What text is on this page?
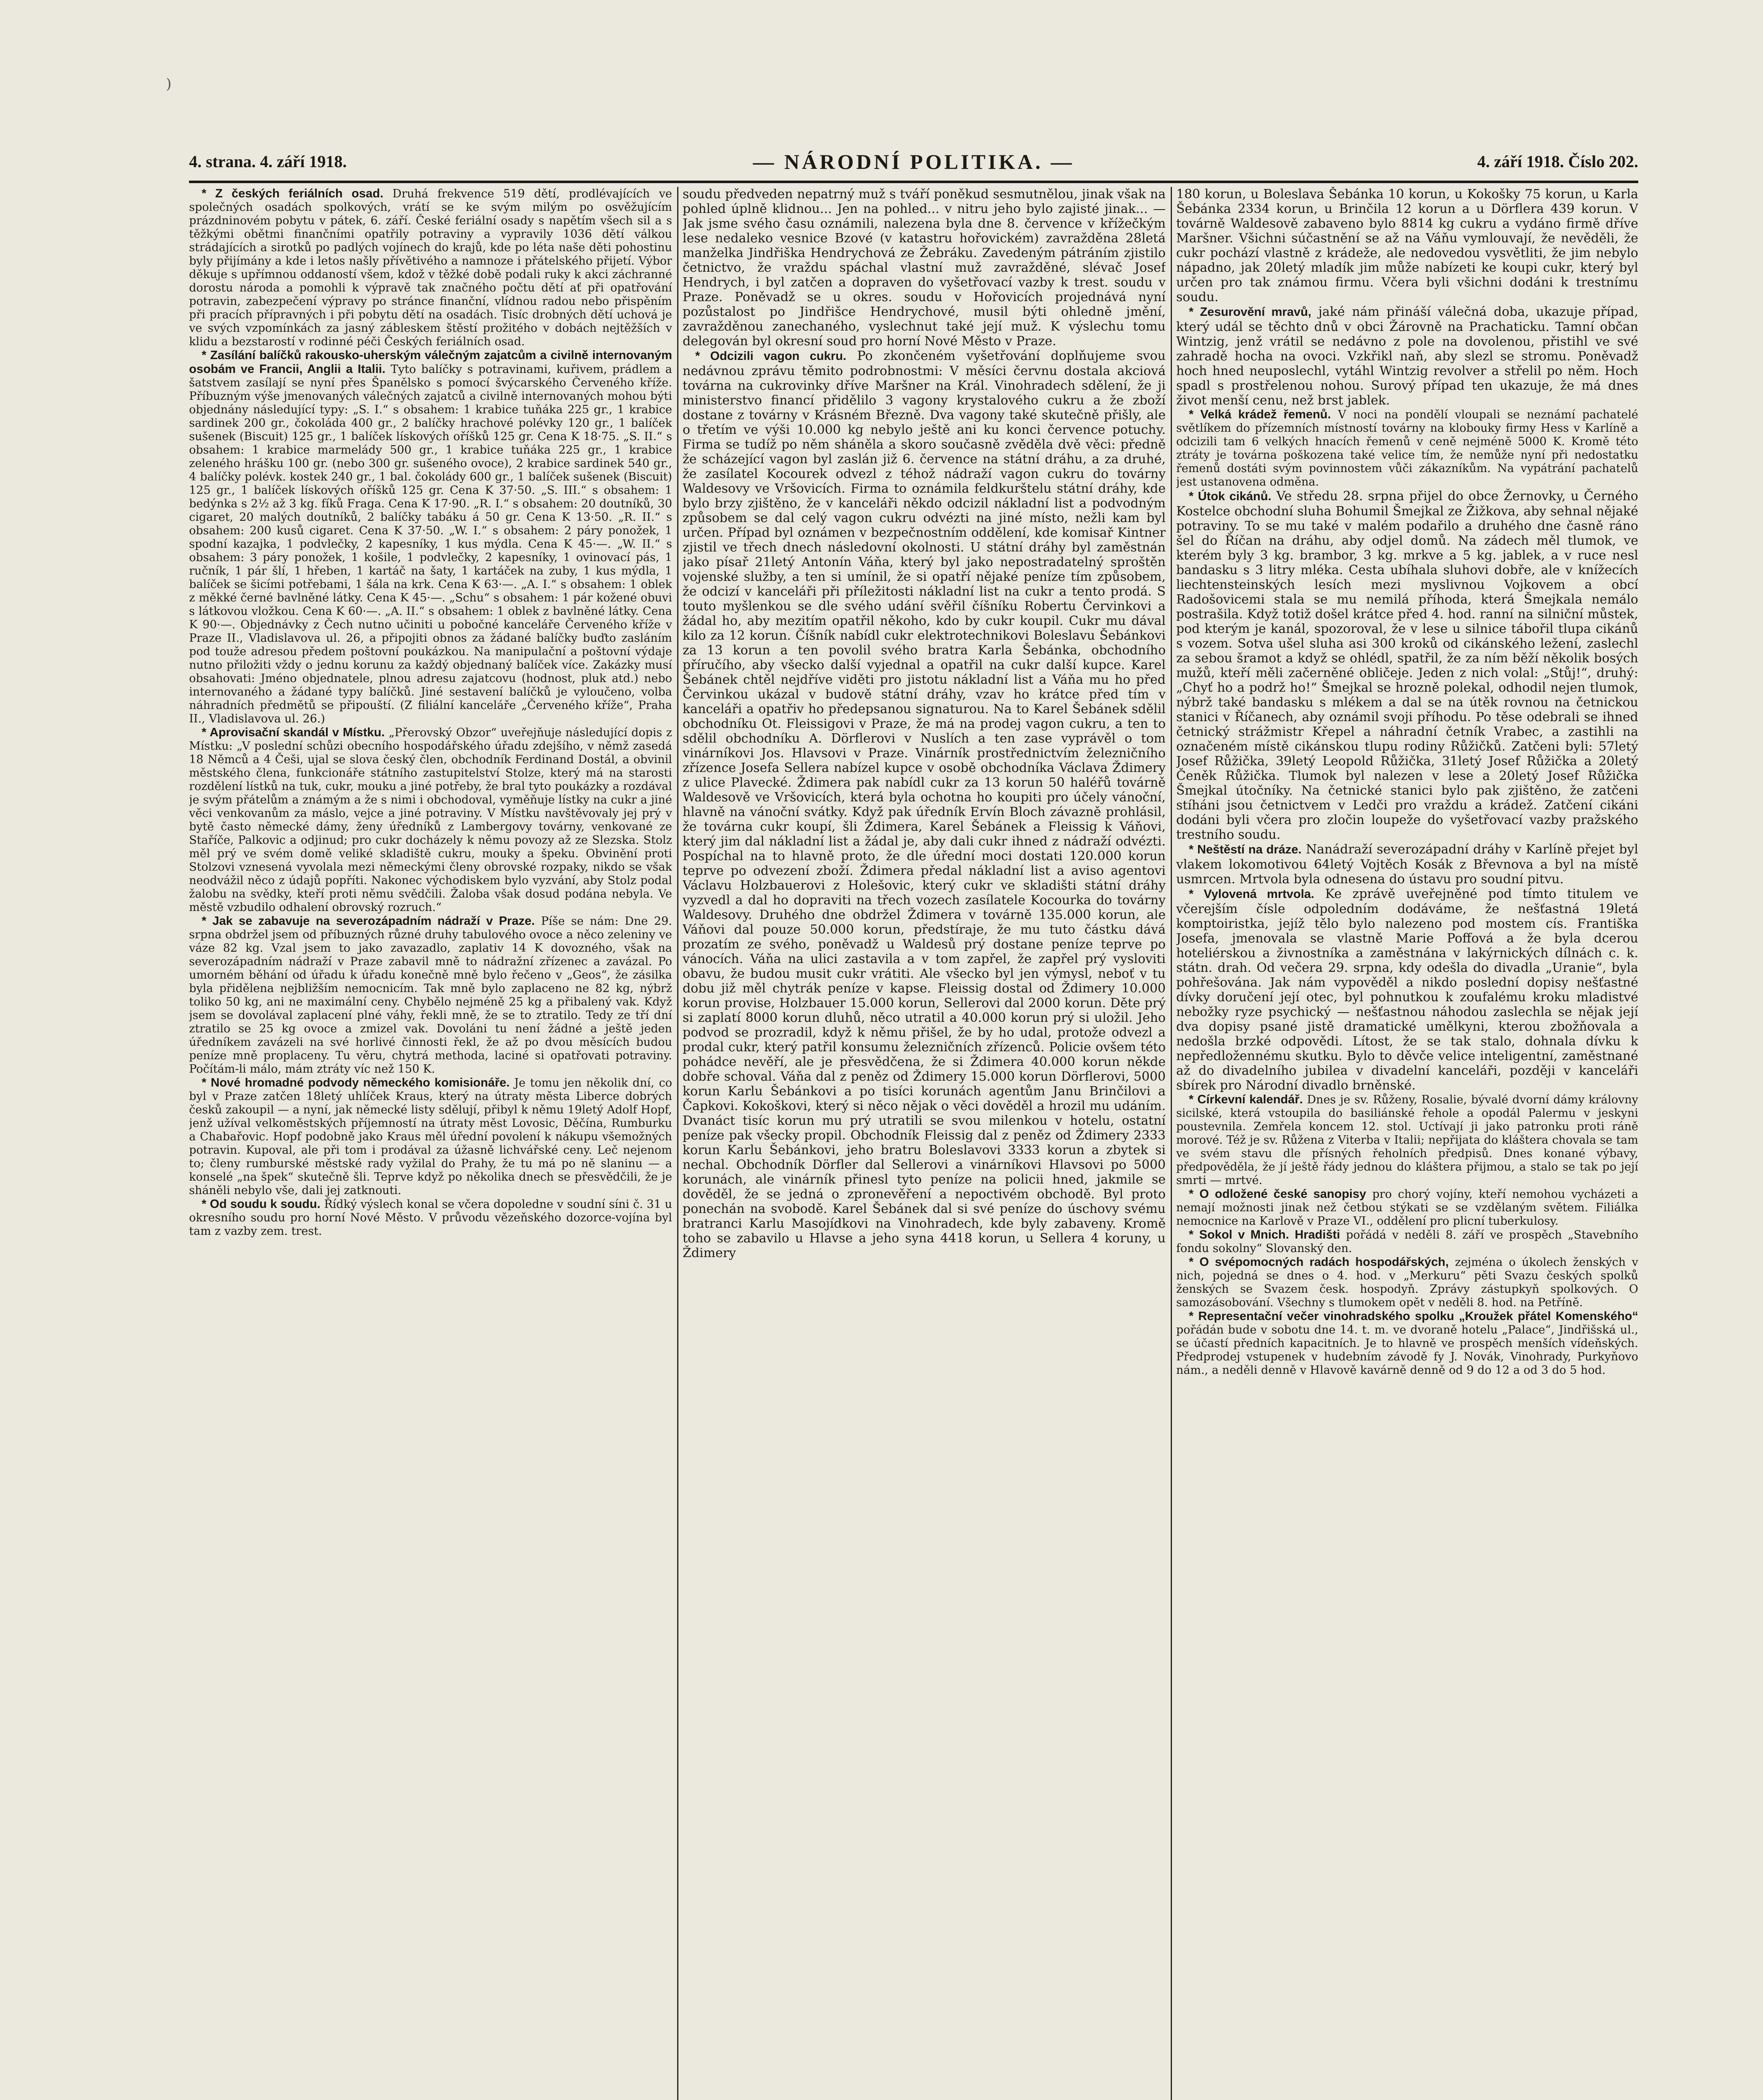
)
4. strana. 4. září 1918.	— NÁRODNÍ POLITIKA. —	4. září 1918. Číslo 202.

* Z českých feriálních osad. Druhá frekvence 519 dětí, prodlévajících ve společných osadách spolkových, vrátí se ke svým milým po osvěžujícím prázdninovém pobytu v pátek, 6. září. České feriální osady s napětím všech sil a s těžkými obětmi finančními opatřily potraviny a vypravily 1036 dětí válkou strádajících a sirotků po padlých vojínech do krajů, kde po léta naše děti pohostinu byly přijímány a kde i letos našly přívětivého a namnoze i přátelského přijetí. Výbor děkuje s upřímnou oddaností všem, kdož v těžké době podali ruky k akci záchranné dorostu národa a pomohli k výpravě tak značného počtu dětí ať při opatřování potravin, zabezpečení výpravy po stránce finanční, vlídnou radou nebo přispěním při pracích přípravných i při pobytu dětí na osadách. Tisíc drobných dětí uchová je ve svých vzpomínkách za jasný zábleskem štěstí prožitého v dobách nejtěžších v klidu a bezstarostí v rodinné péči Českých feriálních osad.

* Zasílání balíčků rakousko-uherským válečným zajatcům a civilně internovaným osobám ve Francii, Anglii a Italii. Tyto balíčky s potravinami, kuřivem, prádlem a šatstvem zasílají se nyní přes Španělsko s pomocí švýcarského Červeného kříže. Příbuzným výše jmenovaných válečných zajatců a civilně internovaných mohou býti objednány následující typy: „S. I.“ s obsahem: 1 krabice tuňáka 225 gr., 1 krabice sardinek 200 gr., čokoláda 400 gr., 2 balíčky hrachové polévky 120 gr., 1 balíček sušenek (Biscuit) 125 gr., 1 balíček lískových oříšků 125 gr. Cena K 18·75. „S. II.“ s obsahem: 1 krabice marmelády 500 gr., 1 krabice tuňáka 225 gr., 1 krabice zeleného hrášku 100 gr. (nebo 300 gr. sušeného ovoce), 2 krabice sardinek 540 gr., 4 balíčky polévk. kostek 240 gr., 1 bal. čokolády 600 gr., 1 balíček sušenek (Biscuit) 125 gr., 1 balíček lískových oříšků 125 gr. Cena K 37·50. „S. III.“ s obsahem: 1 bedýnka s 2½ až 3 kg. fíků Fraga. Cena K 17·90. „R. I.“ s obsahem: 20 doutníků, 30 cigaret, 20 malých doutníků, 2 balíčky tabáku á 50 gr. Cena K 13·50. „R. II.“ s obsahem: 200 kusů cigaret. Cena K 37·50. „W. I.“ s obsahem: 2 páry ponožek, 1 spodní kazajka, 1 podvlečky, 2 kapesníky, 1 kus mýdla. Cena K 45·—. „W. II.“ s obsahem: 3 páry ponožek, 1 košile, 1 podvlečky, 2 kapesníky, 1 ovinovací pás, 1 ručník, 1 pár šlí, 1 hřeben, 1 kartáč na šaty, 1 kartáček na zuby, 1 kus mýdla, 1 balíček se šicími potřebami, 1 šála na krk. Cena K 63·—. „A. I.“ s obsahem: 1 oblek z měkké černé bavlněné látky. Cena K 45·—. „Schu“ s obsahem: 1 pár kožené obuvi s látkovou vložkou. Cena K 60·—. „A. II.“ s obsahem: 1 oblek z bavlněné látky. Cena K 90·—. Objednávky z Čech nutno učiniti u pobočné kanceláře Červeného kříže v Praze II., Vladislavova ul. 26, a připojiti obnos za žádané balíčky buďto zasláním pod touže adresou předem poštovní poukázkou. Na manipulační a poštovní výdaje nutno přiložiti vždy o jednu korunu za každý objednaný balíček více. Zakázky musí obsahovati: Jméno objednatele, plnou adresu zajatcovu (hodnost, pluk atd.) nebo internovaného a žádané typy balíčků. Jiné sestavení balíčků je vyloučeno, volba náhradních předmětů se připouští. (Z filiální kanceláře „Červeného kříže“, Praha II., Vladislavova ul. 26.)

* Aprovisační skandál v Místku. „Přerovský Obzor“ uveřejňuje následující dopis z Místku: „V poslední schůzi obecního hospodářského úřadu zdejšího, v němž zasedá 18 Němců a 4 Češi, ujal se slova český člen, obchodník Ferdinand Dostál, a obvinil městského člena, funkcionáře státního zastupitelství Stolze, který má na starosti rozdělení lístků na tuk, cukr, mouku a jiné potřeby, že bral tyto poukázky a rozdával je svým přátelům a známým a že s nimi i obchodoval, vyměňuje lístky na cukr a jiné věci venkovanům za máslo, vejce a jiné potraviny. V Místku navštěvovaly jej prý v bytě často německé dámy, ženy úředníků z Lambergovy továrny, venkované ze Staříče, Palkovic a odjinud; pro cukr docházely k němu povozy až ze Slezska. Stolz měl prý ve svém domě veliké skladiště cukru, mouky a špeku. Obvinění proti Stolzovi vznesená vyvolala mezi německými členy obrovské rozpaky, nikdo se však neodvážil něco z údajů popříti. Nakonec východiskem bylo vyzvání, aby Stolz podal žalobu na svědky, kteří proti němu svědčili. Žaloba však dosud podána nebyla. Ve městě vzbudilo odhalení obrovský rozruch.“

* Jak se zabavuje na severozápadním nádraží v Praze. Píše se nám: Dne 29. srpna obdržel jsem od příbuzných různé druhy tabulového ovoce a něco zeleniny ve váze 82 kg. Vzal jsem to jako zavazadlo, zaplativ 14 K dovozného, však na severozápadním nádraží v Praze zabavil mně to nádražní zřízenec a zavázal. Po umorném běhání od úřadu k úřadu konečně mně bylo řečeno v „Geos“, že zásilka byla přidělena nejbližším nemocnicím. Tak mně bylo zaplaceno ne 82 kg, nýbrž toliko 50 kg, ani ne maximální ceny. Chybělo nejméně 25 kg a přibalený vak. Když jsem se dovolával zaplacení plné váhy, řekli mně, že se to ztratilo. Tedy ze tří dní ztratilo se 25 kg ovoce a zmizel vak. Dovoláni tu není žádné a ještě jeden úředníkem zavázeli na své horlivé činnosti řekl, že až po dvou měsících budou peníze mně proplaceny. Tu věru, chytrá methoda, laciné si opatřovati potraviny. Počítám-li málo, mám ztráty víc než 150 K.

* Nové hromadné podvody německého komisionáře. Je tomu jen několik dní, co byl v Praze zatčen 18letý uhlíček Kraus, který na útraty města Liberce dobrých česků zakoupil — a nyní, jak německé listy sdělují, přibyl k němu 19letý Adolf Hopf, jenž užíval velkoměstských příjemností na útraty měst Lovosic, Děčína, Rumburku a Chabařovic. Hopf podobně jako Kraus měl úřední povolení k nákupu všemožných potravin. Kupoval, ale při tom i prodával za úžasně lichvářské ceny. Leč nejenom to; členy rumburské městské rady vyžilal do Prahy, že tu má po ně slaninu — a konselé „na špek“ skutečně šli. Teprve když po několika dnech se přesvědčili, že je sháněli nebylo vše, dali jej zatknouti.

* Od soudu k soudu. Řídký výslech konal se včera dopoledne v soudní síni č. 31 u okresního soudu pro horní Nové Město. V průvodu vězeňského dozorce-vojína byl tam z vazby zem. trest.

soudu předveden nepatrný muž s tváří poněkud sesmutnělou, jinak však na pohled úplně klidnou... Jen na pohled... v nitru jeho bylo zajisté jinak... — Jak jsme svého času oznámili, nalezena byla dne 8. července v křížečkým lese nedaleko vesnice Bzové (v katastru hořovickém) zavražděna 28letá manželka Jindřiška Hendrychová ze Žebráku. Zavedeným pátráním zjistilo četnictvo, že vraždu spáchal vlastní muž zavražděné, slévač Josef Hendrych, i byl zatčen a dopraven do vyšetřovací vazby k trest. soudu v Praze. Poněvadž se u okres. soudu v Hořovicích projednává nyní pozůstalost po Jindřišce Hendrychové, musil býti ohledně jmění, zavražděnou zanechaného, vyslechnut také její muž. K výslechu tomu delegován byl okresní soud pro horní Nové Město v Praze.

* Odcizili vagon cukru. Po zkončeném vyšetřování doplňujeme svou nedávnou zprávu těmito podrobnostmi: V měsíci červnu dostala akciová továrna na cukrovinky dříve Maršner na Král. Vinohradech sdělení, že ji ministerstvo financí přidělilo 3 vagony krystalového cukru a že zboží dostane z továrny v Krásném Březně. Dva vagony také skutečně přišly, ale o třetím ve výši 10.000 kg nebylo ještě ani ku konci července potuchy. Firma se tudíž po něm sháněla a skoro současně zvěděla dvě věci: předně že scházející vagon byl zaslán již 6. července na státní dráhu, a za druhé, že zasílatel Kocourek odvezl z téhož nádraží vagon cukru do továrny Waldesovy ve Vršovicích. Firma to oznámila feldkurštelu státní dráhy, kde bylo brzy zjištěno, že v kanceláři někdo odcizil nákladní list a podvodným způsobem se dal celý vagon cukru odvézti na jiné místo, nežli kam byl určen. Případ byl oznámen v bezpečnostním oddělení, kde komisař Kintner zjistil ve třech dnech následovní okolnosti. U státní dráhy byl zaměstnán jako písař 21letý Antonín Váňa, který byl jako nepostradatelný sproštěn vojenské služby, a ten si umínil, že si opatří nějaké peníze tím způsobem, že odcizí v kanceláři při příležitosti nákladní list na cukr a tento prodá. S touto myšlenkou se dle svého udání svěřil číšníku Robertu Červinkovi a žádal ho, aby mezitím opatřil někoho, kdo by cukr koupil. Cukr mu dával kilo za 12 korun. Číšník nabídl cukr elektrotechnikovi Boleslavu Šebánkovi za 13 korun a ten povolil svého bratra Karla Šebánka, obchodního příručího, aby všecko další vyjednal a opatřil na cukr další kupce. Karel Šebánek chtěl nejdříve viděti pro jistotu nákladní list a Váňa mu ho před Červinkou ukázal v budově státní dráhy, vzav ho krátce před tím v kanceláři a opatřiv ho předepsanou signaturou. Na to Karel Šebánek sdělil obchodníku Ot. Fleissigovi v Praze, že má na prodej vagon cukru, a ten to sdělil obchodníku A. Dörflerovi v Nuslích a ten zase vyprávěl o tom vinárníkovi Jos. Hlavsovi v Praze. Vinárník prostřednictvím železničního zřízence Josefa Sellera nabízel kupce v osobě obchodníka Václava Ždimery z ulice Plavecké. Ždimera pak nabídl cukr za 13 korun 50 haléřů továrně Waldesově ve Vršovicích, která byla ochotna ho koupiti pro účely vánoční, hlavně na vánoční svátky. Když pak úředník Ervín Bloch závazně prohlásil, že továrna cukr koupí, šli Ždimera, Karel Šebánek a Fleissig k Váňovi, který jim dal nákladní list a žádal je, aby dali cukr ihned z nádraží odvézti. Pospíchal na to hlavně proto, že dle úřední moci dostati 120.000 korun teprve po odvezení zboží. Ždimera předal nákladní list a aviso agentovi Václavu Holzbauerovi z Holešovic, který cukr ve skladišti státní dráhy vyzvedl a dal ho dopraviti na třech vozech zasílatele Kocourka do továrny Waldesovy. Druhého dne obdržel Ždimera v továrně 135.000 korun, ale Váňovi dal pouze 50.000 korun, předstíraje, že mu tuto částku dává prozatím ze svého, poněvadž u Waldesů prý dostane peníze teprve po vánocích. Váňa na ulici zastavila a v tom zapřel, že zapřel prý vysloviti obavu, že budou musit cukr vrátiti. Ale všecko byl jen výmysl, neboť v tu dobu již měl chytrák peníze v kapse. Fleissig dostal od Ždimery 10.000 korun provise, Holzbauer 15.000 korun, Sellerovi dal 2000 korun. Děte prý si zaplatí 8000 korun dluhů, něco utratil a 40.000 korun prý si uložil. Jeho podvod se prozradil, když k němu přišel, že by ho udal, protože odvezl a prodal cukr, který patřil konsumu železničních zřízenců. Policie ovšem této pohádce nevěří, ale je přesvědčena, že si Ždimera 40.000 korun někde dobře schoval. Váňa dal z peněz od Ždimery 15.000 korun Dörflerovi, 5000 korun Karlu Šebánkovi a po tisíci korunách agentům Janu Brinčilovi a Čapkovi. Kokoškovi, který si něco nějak o věci dověděl a hrozil mu udáním. Dvanáct tisíc korun mu prý utratili se svou milenkou v hotelu, ostatní peníze pak všecky propil. Obchodník Fleissig dal z peněz od Ždimery 2333 korun Karlu Šebánkovi, jeho bratru Boleslavovi 3333 korun a zbytek si nechal. Obchodník Dörfler dal Sellerovi a vinárníkovi Hlavsovi po 5000 korunách, ale vinárník přinesl tyto peníze na policii hned, jakmile se dověděl, že se jedná o zpronevěření a nepoctivém obchodě. Byl proto ponechán na svobodě. Karel Šebánek dal si své peníze do úschovy svému bratranci Karlu Masojídkovi na Vinohradech, kde byly zabaveny. Kromě toho se zabavilo u Hlavse a jeho syna 4418 korun, u Sellera 4 koruny, u Ždimery

180 korun, u Boleslava Šebánka 10 korun, u Kokošky 75 korun, u Karla Šebánka 2334 korun, u Brinčila 12 korun a u Dörflera 439 korun. V továrně Waldesově zabaveno bylo 8814 kg cukru a vydáno firmě dříve Maršner. Všichni súčastnění se až na Váňu vymlouvají, že nevěděli, že cukr pochází vlastně z krádeže, ale nedovedou vysvětliti, že jim nebylo nápadno, jak 20letý mladík jim může nabízeti ke koupi cukr, který byl určen pro tak známou firmu. Včera byli všichni dodáni k trestnímu soudu.

* Zesurovění mravů, jaké nám přináší válečná doba, ukazuje případ, který udál se těchto dnů v obci Žárovně na Prachaticku. Tamní občan Wintzig, jenž vrátil se nedávno z pole na dovolenou, přistihl ve své zahradě hocha na ovoci. Vzkřikl naň, aby slezl se stromu. Poněvadž hoch hned neuposlechl, vytáhl Wintzig revolver a střelil po něm. Hoch spadl s prostřelenou nohou. Surový případ ten ukazuje, že má dnes život menší cenu, než brst jablek.

* Velká krádež řemenů. V noci na pondělí vloupali se neznámí pachatelé světlíkem do přízemních místností továrny na klobouky firmy Hess v Karlíně a odcizili tam 6 velkých hnacích řemenů v ceně nejméně 5000 K. Kromě této ztráty je továrna poškozena také velice tím, že nemůže nyní při nedostatku řemenů dostáti svým povinnostem vůči zákazníkům. Na vypátrání pachatelů jest ustanovena odměna.

* Útok cikánů. Ve středu 28. srpna přijel do obce Žernovky, u Černého Kostelce obchodní sluha Bohumil Šmejkal ze Žižkova, aby sehnal nějaké potraviny. To se mu také v malém podařilo a druhého dne časně ráno šel do Říčan na dráhu, aby odjel domů. Na zádech měl tlumok, ve kterém byly 3 kg. brambor, 3 kg. mrkve a 5 kg. jablek, a v ruce nesl bandasku s 3 litry mléka. Cesta ubíhala sluhovi dobře, ale v knížecích liechtensteinských lesích mezi myslivnou Vojkovem a obcí Radošovicemi stala se mu nemilá příhoda, která Šmejkala nemálo postrašila. Když totiž došel krátce před 4. hod. ranní na silniční můstek, pod kterým je kanál, spozoroval, že v lese u silnice tábořil tlupa cikánů s vozem. Sotva ušel sluha asi 300 kroků od cikánského ležení, zaslechl za sebou šramot a když se ohlédl, spatřil, že za ním běží několik bosých mužů, kteří měli začerněné obličeje. Jeden z nich volal: „Stůj!“, druhý: „Chyť ho a podrž ho!“ Šmejkal se hrozně polekal, odhodil nejen tlumok, nýbrž také bandasku s mlékem a dal se na útěk rovnou na četnickou stanici v Říčanech, aby oznámil svoji příhodu. Po těse odebrali se ihned četnický strážmistr Křepel a náhradní četník Vrabec, a zastihli na označeném místě cikánskou tlupu rodiny Růžičků. Zatčeni byli: 57letý Josef Růžička, 39letý Leopold Růžička, 31letý Josef Růžička a 20letý Čeněk Růžička. Tlumok byl nalezen v lese a 20letý Josef Růžička Šmejkal útočníky. Na četnické stanici bylo pak zjištěno, že zatčeni stíháni jsou četnictvem v Ledči pro vraždu a krádež. Zatčení cikáni dodáni byli včera pro zločin loupeže do vyšetřovací vazby pražského trestního soudu.

* Neštěstí na dráze. Nanádraží severozápadní dráhy v Karlíně přejet byl vlakem lokomotivou 64letý Vojtěch Kosák z Břevnova a byl na místě usmrcen. Mrtvola byla odnesena do ústavu pro soudní pitvu.

* Vylovená mrtvola. Ke zprávě uveřejněné pod tímto titulem ve včerejším čísle odpoledním dodáváme, že nešťastná 19letá komptoiristka, jejíž tělo bylo nalezeno pod mostem cís. Františka Josefa, jmenovala se vlastně Marie Poffová a že byla dcerou hoteliérskou a živnostníka a zaměstnána v lakýrnických dílnách c. k. státn. drah. Od večera 29. srpna, kdy odešla do divadla „Uranie“, byla pohřešována. Jak nám vypověděl a nikdo poslední dopisy nešťastné dívky doručení její otec, byl pohnutkou k zoufalému kroku mladistvé nebožky ryze psychický — nešťastnou náhodou zaslechla se nějak její dva dopisy psané jistě dramatické umělkyni, kterou zbožňovala a nedošla brzké odpovědi. Lítost, že se tak stalo, dohnala dívku k nepředložennému skutku. Bylo to děvče velice inteligentní, zaměstnané až do divadelního jubilea v divadelní kanceláři, později v kanceláři sbírek pro Národní divadlo brněnské.

* Církevní kalendář. Dnes je sv. Růženy, Rosalie, bývalé dvorní dámy královny sicilské, která vstoupila do basiliánské řehole a opodál Palermu v jeskyni poustevnila. Zemřela koncem 12. stol. Uctívají ji jako patronku proti ráně morové. Též je sv. Růžena z Viterba v Italii; nepřijata do kláštera chovala se tam ve svém stavu dle přísných řeholních předpisů. Dnes konané výbavy, předpověděla, že jí ještě řády jednou do kláštera přijmou, a stalo se tak po její smrti — mrtvé.

* O odložené české sanopisy pro chorý vojíny, kteří nemohou vycházeti a nemají možnosti jinak než četbou stýkati se se vzdělaným světem. Filiálka nemocnice na Karlově v Praze VI., oddělení pro plicní tuberkulosy.

* Sokol v Mnich. Hradišti pořádá v neděli 8. září ve prospěch „Stavebního fondu sokolny“ Slovanský den.

* O svépomocných radách hospodářských, zejména o úkolech ženských v nich, pojedná se dnes o 4. hod. v „Merkuru“ pěti Svazu českých spolků ženských se Svazem česk. hospodyň. Zprávy zástupkyň spolkových. O samozásobování. Všechny s tlumokem opět v neděli 8. hod. na Petříně.

* Representační večer vinohradského spolku „Kroužek přátel Komenského“ pořádán bude v sobotu dne 14. t. m. ve dvoraně hotelu „Palace“, Jindřišská ul., se účastí předních kapacitních. Je to hlavně ve prospěch menších vídeňských. Předprodej vstupenek v hudebním závodě fy J. Novák, Vinohrady, Purkyňovo nám., a neděli denně v Hlavově kavárně denně od 9 do 12 a od 3 do 5 hod.
